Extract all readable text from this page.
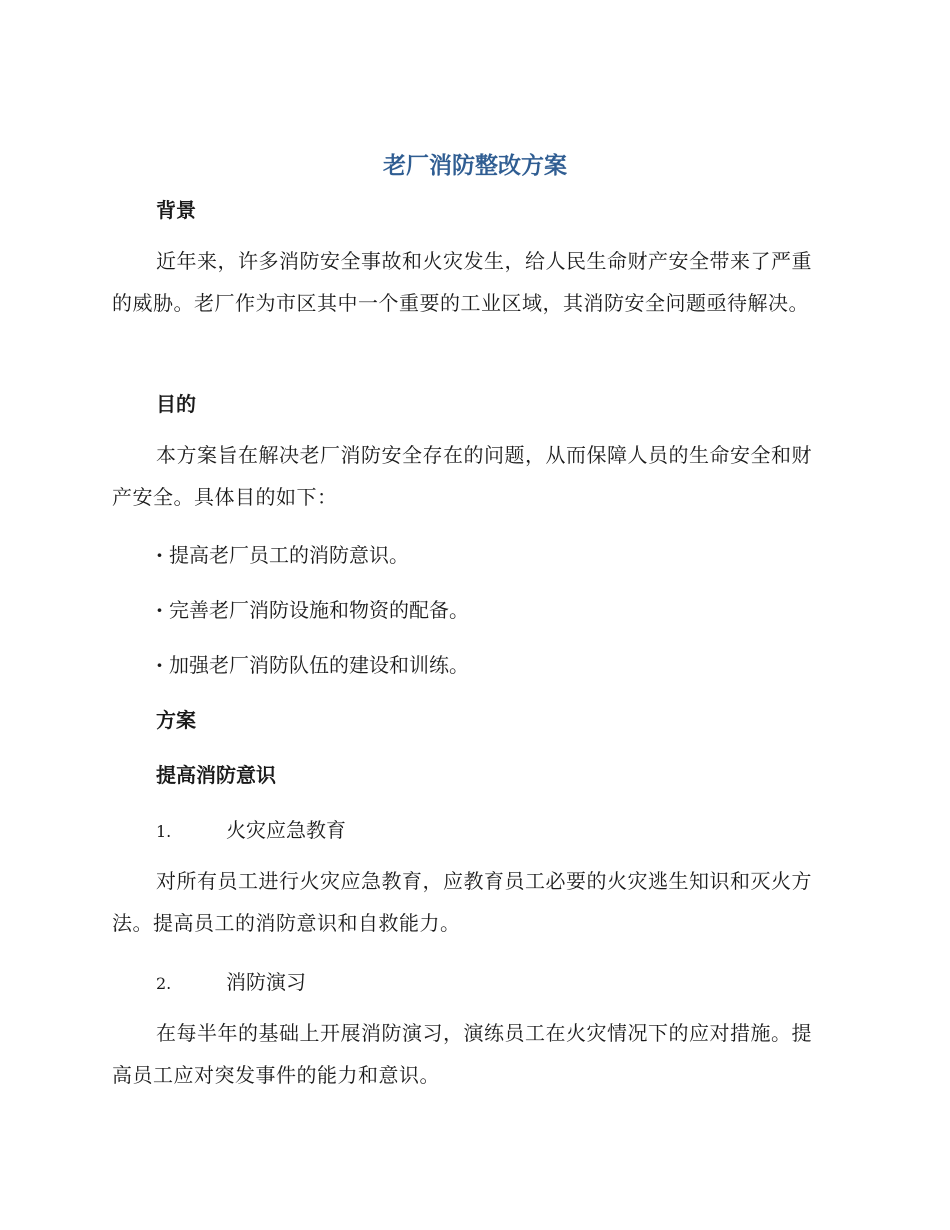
老厂消防整改方案
背景
近年来，许多消防安全事故和火灾发生，给人民生命财产安全带来了严重的威胁。老厂作为市区其中一个重要的工业区域，其消防安全问题亟待解决。
目的
本方案旨在解决老厂消防安全存在的问题，从而保障人员的生命安全和财产安全。具体目的如下：
· 提高老厂员工的消防意识。
· 完善老厂消防设施和物资的配备。
· 加强老厂消防队伍的建设和训练。
方案
提高消防意识
1.	火灾应急教育
对所有员工进行火灾应急教育，应教育员工必要的火灾逃生知识和灭火方法。提高员工的消防意识和自救能力。
2.	消防演习
在每半年的基础上开展消防演习，演练员工在火灾情况下的应对措施。提高员工应对突发事件的能力和意识。
